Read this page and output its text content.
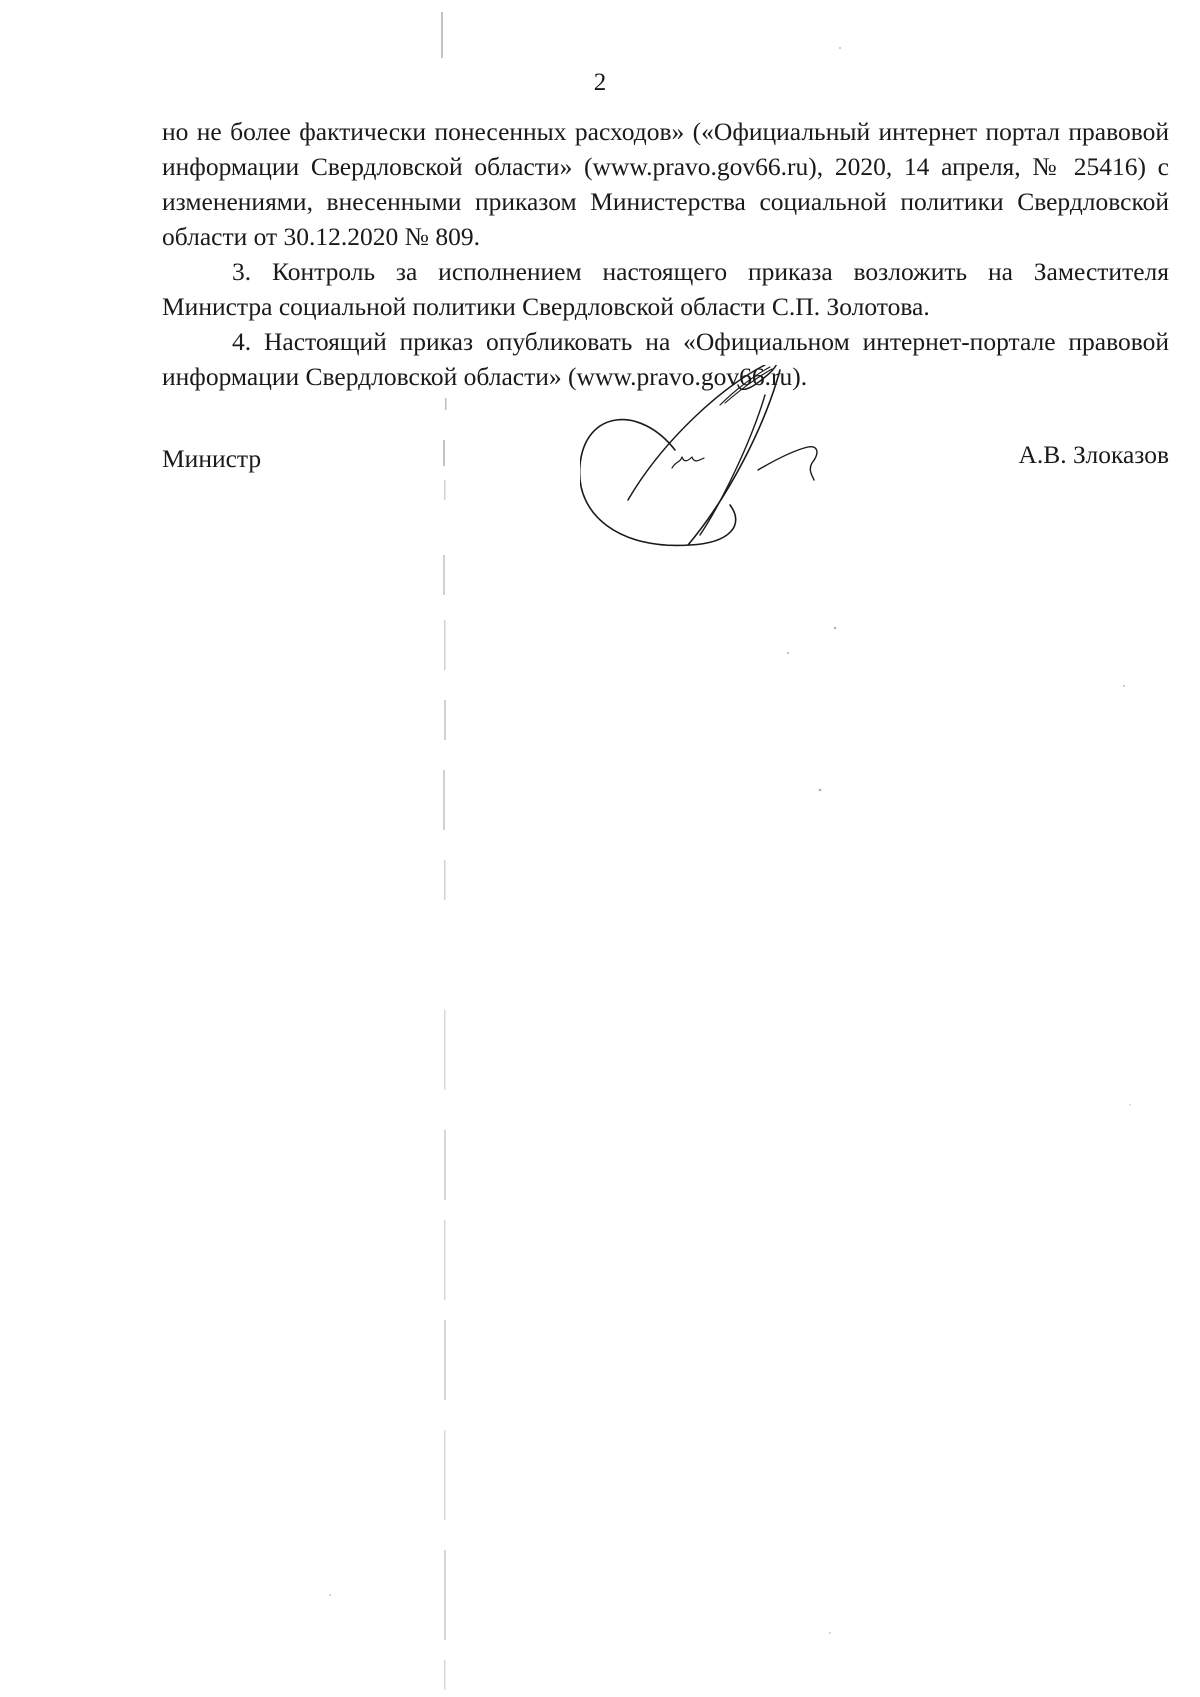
2

но не более фактически понесенных расходов» («Официальный интернет портал правовой информации Свердловской области» (www.pravo.gov66.ru), 2020, 14 апреля, № 25416) с изменениями, внесенными приказом Министерства социальной политики Свердловской области от 30.12.2020 № 809.

3. Контроль за исполнением настоящего приказа возложить на Заместителя Министра социальной политики Свердловской области С.П. Золотова.

4. Настоящий приказ опубликовать на «Официальном интернет-портале правовой информации Свердловской области» (www.pravo.gov66.ru).

Министр	А.В. Злоказов
